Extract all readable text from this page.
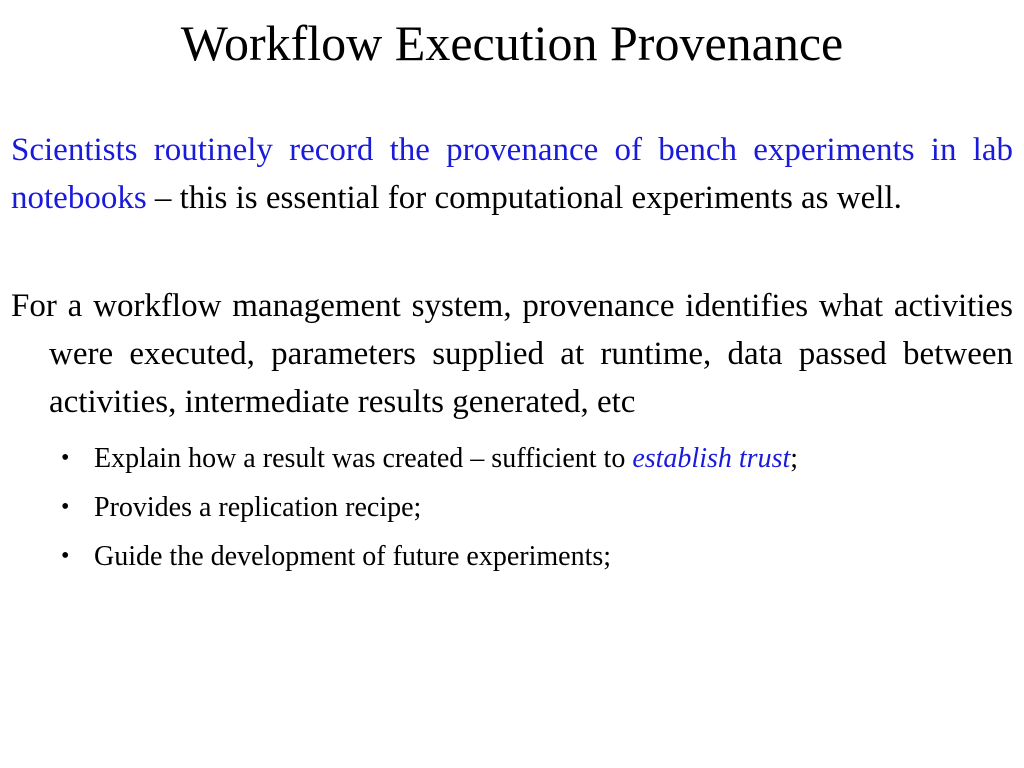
Workflow Execution Provenance

Scientists routinely record the provenance of bench experiments in lab notebooks – this is essential for computational experiments as well.

For a workflow management system, provenance identifies what activities were executed, parameters supplied at runtime, data passed between activities, intermediate results generated, etc

• Explain how a result was created – sufficient to establish trust;
• Provides a replication recipe;
• Guide the development of future experiments;
